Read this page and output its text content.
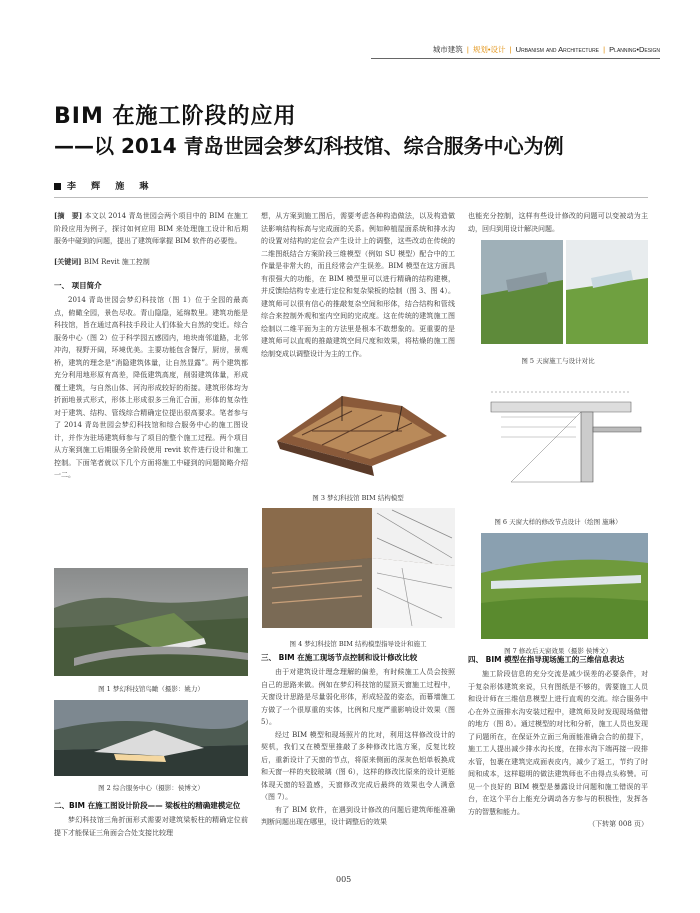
城市建筑 | 规划•设计 | Urbanism and Architecture | Planning•Design
BIM 在施工阶段的应用
——以 2014 青岛世园会梦幻科技馆、综合服务中心为例
李 辉 施 琳

[摘　要] 本文以 2014 青岛世园会两个项目中的 BIM 在施工阶段应用为例子，探讨如何应用 BIM 来处理施工设计和后期服务中碰到的问题，提出了建筑师掌握 BIM 软件的必要性。

[关键词] BIM Revit 施工控制

一、 项目简介

2014 青岛世园会梦幻科技馆（图 1）位于全园的最高点，俯瞰全园，景色尽收。青山隐隐，延绵数里。建筑功能是科技馆，旨在通过高科技手段让人们体验大自然的变迁。综合服务中心（图 2）位于科学园五感园内，地块南邻道路，北邻冲沟，视野开阔，环境优美。主要功能包含餐厅，厨房，景观桥，建筑的理念是“消隐建筑体量，让自然显露”。两个建筑都充分利用地形原有高差，降低建筑高度，削弱建筑体量，形成覆土建筑，与自然山体、河沟形成较好的衔接。建筑形体均为折面地景式形式，形体上形成很多三角汇合面，形体的复杂性对于建筑、结构、管线综合精确定位提出很高要求。笔者参与了 2014 青岛世园会梦幻科技馆和综合服务中心的施工图设计，并作为驻场建筑师参与了项目的整个施工过程。两个项目从方案到施工后期服务全阶段使用 revit 软件进行设计和施工控制。下面笔者就以下几个方面将施工中碰到的问题简略介绍一二。

图 1 梦幻科技馆鸟瞰（摄影：姚力）
图 2 综合服务中心（摄影：侯博文）
二、BIM 在施工图设计阶段—— 梁板柱的精确建模定位

梦幻科技馆三角折面形式需要对建筑梁板柱的精确定位前提下才能保证三角面会合处支接比较理

想，从方案到施工图后，需要考虑各种构造做法，以及构造做法影响结构标高与完成面的关系。例如种植屋面系统和排水沟的设置对结构的定位会产生设计上的调整，这些改动在传统的二维图纸结合方案阶段三维模型（例如 SU 模型）配合中的工作量是非常大的，而且经常会产生误差。BIM 模型在这方面具有很强大的功能，在 BIM 模型里可以进行精确的结构建模，并反馈给结构专业进行定位和复杂梁板的绘制（图 3、图 4）。建筑师可以很有信心的推敲复杂空间和形体，结合结构和管线综合来控制外观和室内空间的完成度。这在传统的建筑施工图绘制以二维平面为主的方法里是根本不敢想象的。更重要的是建筑师可以直观的推敲建筑空间尺度和效果，将枯燥的施工图绘制变成以调整设计为主的工作。

图 3 梦幻科技馆 BIM 结构模型
图 4 梦幻科技馆 BIM 结构模型指导设计和施工
三、 BIM 在施工现场节点控制和设计修改比较

由于对建筑设计理念理解的偏差，有时候施工人员会按照自己的思路来做。例如在梦幻科技馆的屋顶天窗施工过程中，天窗设计思路是尽量弱化形体，形成轻盈的姿态，而幕墙施工方做了一个很厚重的实体，比例和尺度严重影响设计效果（图 5）。

经过 BIM 模型和现场照片的比对，利用这样修改设计的契机，我们又在模型里推敲了多种修改比选方案，反复比较后，重新设计了天窗的节点，将原来侧面的深灰色铝单板换成和天窗一样的夹胶玻璃（图 6），这样的修改比原来的设计更能体现天窗的轻盈感，天窗修改完成后最终的效果也令人满意（图 7）。

有了 BIM 软件，在遇到设计修改的问题后建筑师能准确判断问题出现在哪里，设计调整后的效果

也能充分控制，这样有些设计修改的问题可以变被动为主动，回归到用设计解决问题。

图 5 天窗施工与设计对比
图 6 天窗大样的修改节点设计（绘图 施琳）
图 7 修改后天窗效果（摄影 侯博文）
四、 BIM 模型在指导现场施工的三维信息表达

施工阶段信息的充分交流是减少误差的必要条件，对于复杂形体建筑来说，只有图纸是不够的，需要施工人员和设计师在三维信息模型上进行直观的交流。综合服务中心在外立面排水沟安装过程中，建筑师及时发现现场做错的地方（图 8）。通过模型的对比和分析，施工人员也发现了问题所在，在保证外立面三角面能准确会合的前提下，施工工人提出减少排水沟长度，在排水沟下端再接一段排水管，包裹在建筑完成面表皮内，减少了返工，节约了时间和成本，这样聪明的做法建筑师也不由得点头称赞。可见一个良好的 BIM 模型是暴露设计问题和施工错误的平台，在这个平台上能充分调动各方参与的积极性，发挥各方的智慧和能力。

（下转第 008 页）

005
